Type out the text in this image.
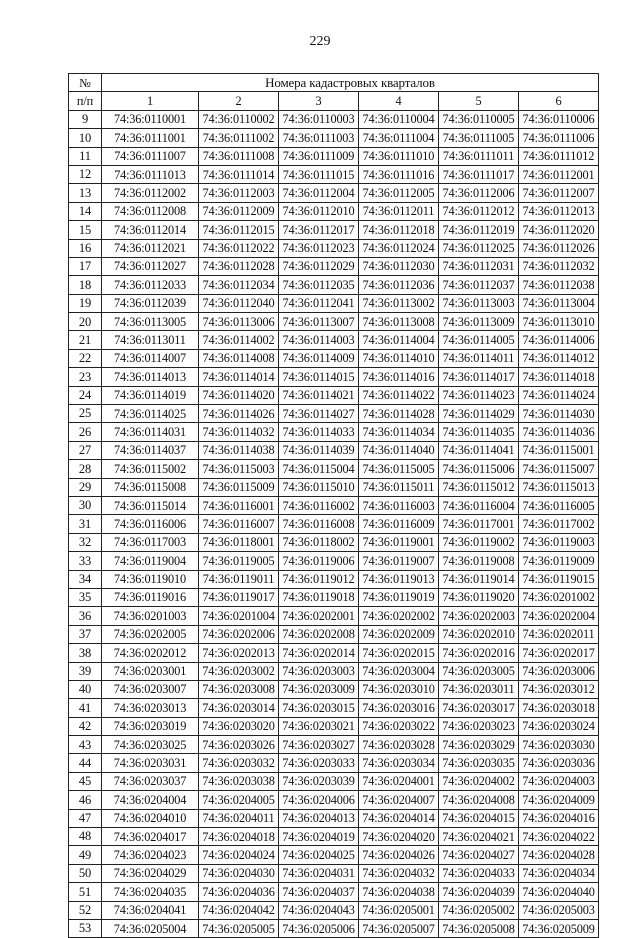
229
№	Номера кадастровых кварталов					
п/п	1	2	3	4	5	6
9	74:36:0110001	74:36:0110002	74:36:0110003	74:36:0110004	74:36:0110005	74:36:0110006
10	74:36:0111001	74:36:0111002	74:36:0111003	74:36:0111004	74:36:0111005	74:36:0111006
11	74:36:0111007	74:36:0111008	74:36:0111009	74:36:0111010	74:36:0111011	74:36:0111012
12	74:36:0111013	74:36:0111014	74:36:0111015	74:36:0111016	74:36:0111017	74:36:0112001
13	74:36:0112002	74:36:0112003	74:36:0112004	74:36:0112005	74:36:0112006	74:36:0112007
14	74:36:0112008	74:36:0112009	74:36:0112010	74:36:0112011	74:36:0112012	74:36:0112013
15	74:36:0112014	74:36:0112015	74:36:0112017	74:36:0112018	74:36:0112019	74:36:0112020
16	74:36:0112021	74:36:0112022	74:36:0112023	74:36:0112024	74:36:0112025	74:36:0112026
17	74:36:0112027	74:36:0112028	74:36:0112029	74:36:0112030	74:36:0112031	74:36:0112032
18	74:36:0112033	74:36:0112034	74:36:0112035	74:36:0112036	74:36:0112037	74:36:0112038
19	74:36:0112039	74:36:0112040	74:36:0112041	74:36:0113002	74:36:0113003	74:36:0113004
20	74:36:0113005	74:36:0113006	74:36:0113007	74:36:0113008	74:36:0113009	74:36:0113010
21	74:36:0113011	74:36:0114002	74:36:0114003	74:36:0114004	74:36:0114005	74:36:0114006
22	74:36:0114007	74:36:0114008	74:36:0114009	74:36:0114010	74:36:0114011	74:36:0114012
23	74:36:0114013	74:36:0114014	74:36:0114015	74:36:0114016	74:36:0114017	74:36:0114018
24	74:36:0114019	74:36:0114020	74:36:0114021	74:36:0114022	74:36:0114023	74:36:0114024
25	74:36:0114025	74:36:0114026	74:36:0114027	74:36:0114028	74:36:0114029	74:36:0114030
26	74:36:0114031	74:36:0114032	74:36:0114033	74:36:0114034	74:36:0114035	74:36:0114036
27	74:36:0114037	74:36:0114038	74:36:0114039	74:36:0114040	74:36:0114041	74:36:0115001
28	74:36:0115002	74:36:0115003	74:36:0115004	74:36:0115005	74:36:0115006	74:36:0115007
29	74:36:0115008	74:36:0115009	74:36:0115010	74:36:0115011	74:36:0115012	74:36:0115013
30	74:36:0115014	74:36:0116001	74:36:0116002	74:36:0116003	74:36:0116004	74:36:0116005
31	74:36:0116006	74:36:0116007	74:36:0116008	74:36:0116009	74:36:0117001	74:36:0117002
32	74:36:0117003	74:36:0118001	74:36:0118002	74:36:0119001	74:36:0119002	74:36:0119003
33	74:36:0119004	74:36:0119005	74:36:0119006	74:36:0119007	74:36:0119008	74:36:0119009
34	74:36:0119010	74:36:0119011	74:36:0119012	74:36:0119013	74:36:0119014	74:36:0119015
35	74:36:0119016	74:36:0119017	74:36:0119018	74:36:0119019	74:36:0119020	74:36:0201002
36	74:36:0201003	74:36:0201004	74:36:0202001	74:36:0202002	74:36:0202003	74:36:0202004
37	74:36:0202005	74:36:0202006	74:36:0202008	74:36:0202009	74:36:0202010	74:36:0202011
38	74:36:0202012	74:36:0202013	74:36:0202014	74:36:0202015	74:36:0202016	74:36:0202017
39	74:36:0203001	74:36:0203002	74:36:0203003	74:36:0203004	74:36:0203005	74:36:0203006
40	74:36:0203007	74:36:0203008	74:36:0203009	74:36:0203010	74:36:0203011	74:36:0203012
41	74:36:0203013	74:36:0203014	74:36:0203015	74:36:0203016	74:36:0203017	74:36:0203018
42	74:36:0203019	74:36:0203020	74:36:0203021	74:36:0203022	74:36:0203023	74:36:0203024
43	74:36:0203025	74:36:0203026	74:36:0203027	74:36:0203028	74:36:0203029	74:36:0203030
44	74:36:0203031	74:36:0203032	74:36:0203033	74:36:0203034	74:36:0203035	74:36:0203036
45	74:36:0203037	74:36:0203038	74:36:0203039	74:36:0204001	74:36:0204002	74:36:0204003
46	74:36:0204004	74:36:0204005	74:36:0204006	74:36:0204007	74:36:0204008	74:36:0204009
47	74:36:0204010	74:36:0204011	74:36:0204013	74:36:0204014	74:36:0204015	74:36:0204016
48	74:36:0204017	74:36:0204018	74:36:0204019	74:36:0204020	74:36:0204021	74:36:0204022
49	74:36:0204023	74:36:0204024	74:36:0204025	74:36:0204026	74:36:0204027	74:36:0204028
50	74:36:0204029	74:36:0204030	74:36:0204031	74:36:0204032	74:36:0204033	74:36:0204034
51	74:36:0204035	74:36:0204036	74:36:0204037	74:36:0204038	74:36:0204039	74:36:0204040
52	74:36:0204041	74:36:0204042	74:36:0204043	74:36:0205001	74:36:0205002	74:36:0205003
53	74:36:0205004	74:36:0205005	74:36:0205006	74:36:0205007	74:36:0205008	74:36:0205009
